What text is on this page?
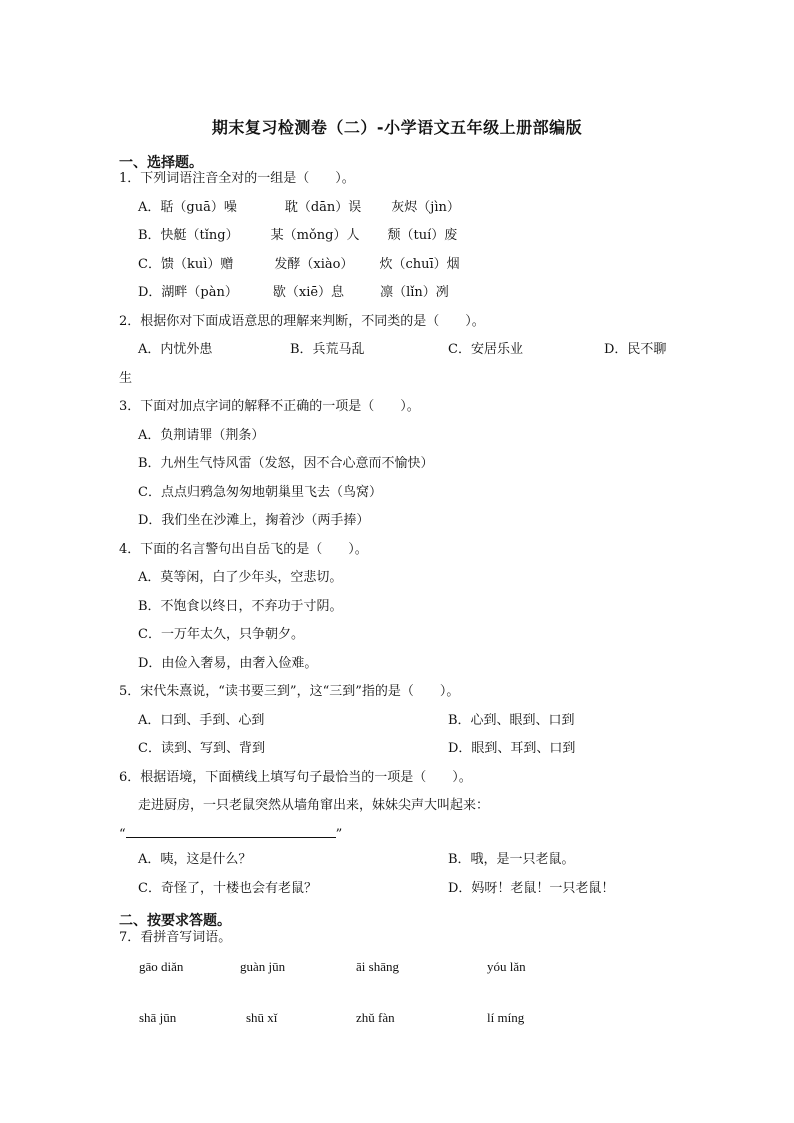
期末复习检测卷（二）-小学语文五年级上册部编版
一、选择题。
1．下列词语注音全对的一组是（　　）。
A．聒（guā）噪	耽（dān）误 灰烬（jìn）
B．快艇（tǐng） 某（mǒng）人 颓（tuí）废
C．馈（kuì）赠	发酵（xiào） 炊（chuī）烟
D．湖畔（pàn）	歇（xiē）息	凛（lǐn）冽
2．根据你对下面成语意思的理解来判断，不同类的是（　　）。
A．内忧外患	B．兵荒马乱	C．安居乐业	D．民不聊
生
3．下面对加点字词的解释不正确的一项是（　　）。
A．负荆请罪（荆条）
B．九州生气恃风雷（发怒，因不合心意而不愉快）
C．点点归鸦急匆匆地朝巢里飞去（鸟窝）
D．我们坐在沙滩上，掬着沙（两手捧）
4．下面的名言警句出自岳飞的是（　　）。
A．莫等闲，白了少年头，空悲切。
B．不饱食以终日，不弃功于寸阴。
C．一万年太久，只争朝夕。
D．由俭入奢易，由奢入俭难。
5．宋代朱熹说，“读书要三到”，这“三到”指的是（　　）。
A．口到、手到、心到	B．心到、眼到、口到
C．读到、写到、背到	D．眼到、耳到、口到
6．根据语境，下面横线上填写句子最恰当的一项是（　　）。
走进厨房，一只老鼠突然从墙角窜出来，妹妹尖声大叫起来：
“	”
A．咦，这是什么？	B．哦，是一只老鼠。
C．奇怪了，十楼也会有老鼠？	D．妈呀！老鼠！一只老鼠！
二、按要求答题。
7．看拼音写词语。
gāo diǎn	guàn jūn	āi shāng	yóu lǎn
shā jūn	shū xǐ	zhǔ fàn	lí míng
